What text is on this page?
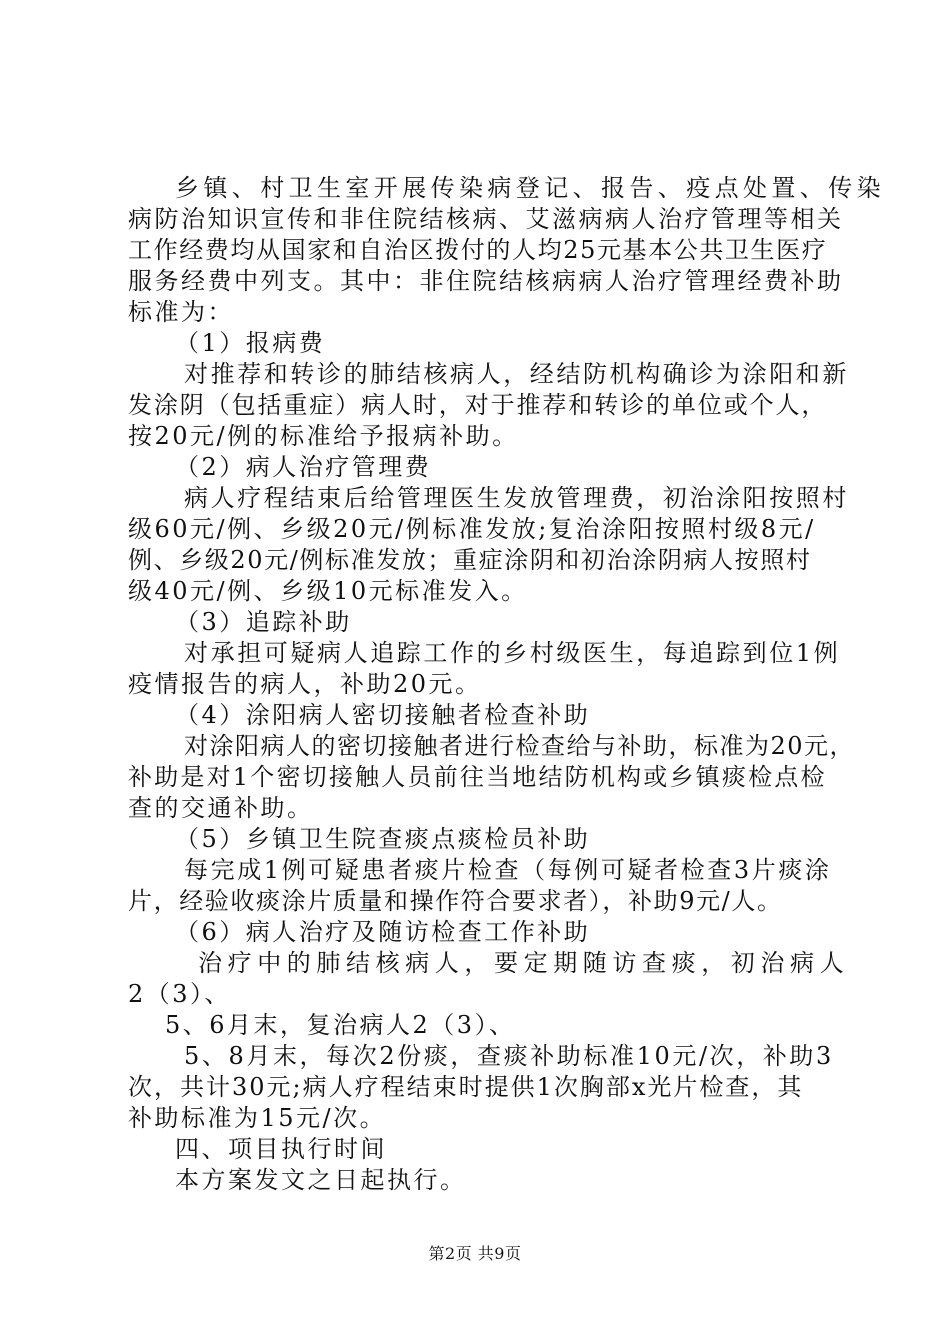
乡镇、村卫生室开展传染病登记、报告、疫点处置、传染
病防治知识宣传和非住院结核病、艾滋病病人治疗管理等相关
工作经费均从国家和自治区拨付的人均25元基本公共卫生医疗
服务经费中列支。其中：非住院结核病病人治疗管理经费补助
标准为：
（1）报病费
对推荐和转诊的肺结核病人，经结防机构确诊为涂阳和新
发涂阴（包括重症）病人时，对于推荐和转诊的单位或个人，
按20元/例的标准给予报病补助。
（2）病人治疗管理费
病人疗程结束后给管理医生发放管理费，初治涂阳按照村
级60元/例、乡级20元/例标准发放;复治涂阳按照村级8元/
例、乡级20元/例标准发放；重症涂阴和初治涂阴病人按照村
级40元/例、乡级10元标准发入。
（3）追踪补助
对承担可疑病人追踪工作的乡村级医生，每追踪到位1例
疫情报告的病人，补助20元。
（4）涂阳病人密切接触者检查补助
对涂阳病人的密切接触者进行检查给与补助，标准为20元，
补助是对1个密切接触人员前往当地结防机构或乡镇痰检点检
查的交通补助。
（5）乡镇卫生院查痰点痰检员补助
每完成1例可疑患者痰片检查（每例可疑者检查3片痰涂
片，经验收痰涂片质量和操作符合要求者），补助9元/人。
（6）病人治疗及随访检查工作补助
治疗中的肺结核病人，要定期随访查痰，初治病人
2（3）、
5、6月末，复治病人2（3）、
5、8月末，每次2份痰，查痰补助标准10元/次，补助3
次，共计30元;病人疗程结束时提供1次胸部x光片检查，其
补助标准为15元/次。
四、项目执行时间
本方案发文之日起执行。
第2页 共9页
